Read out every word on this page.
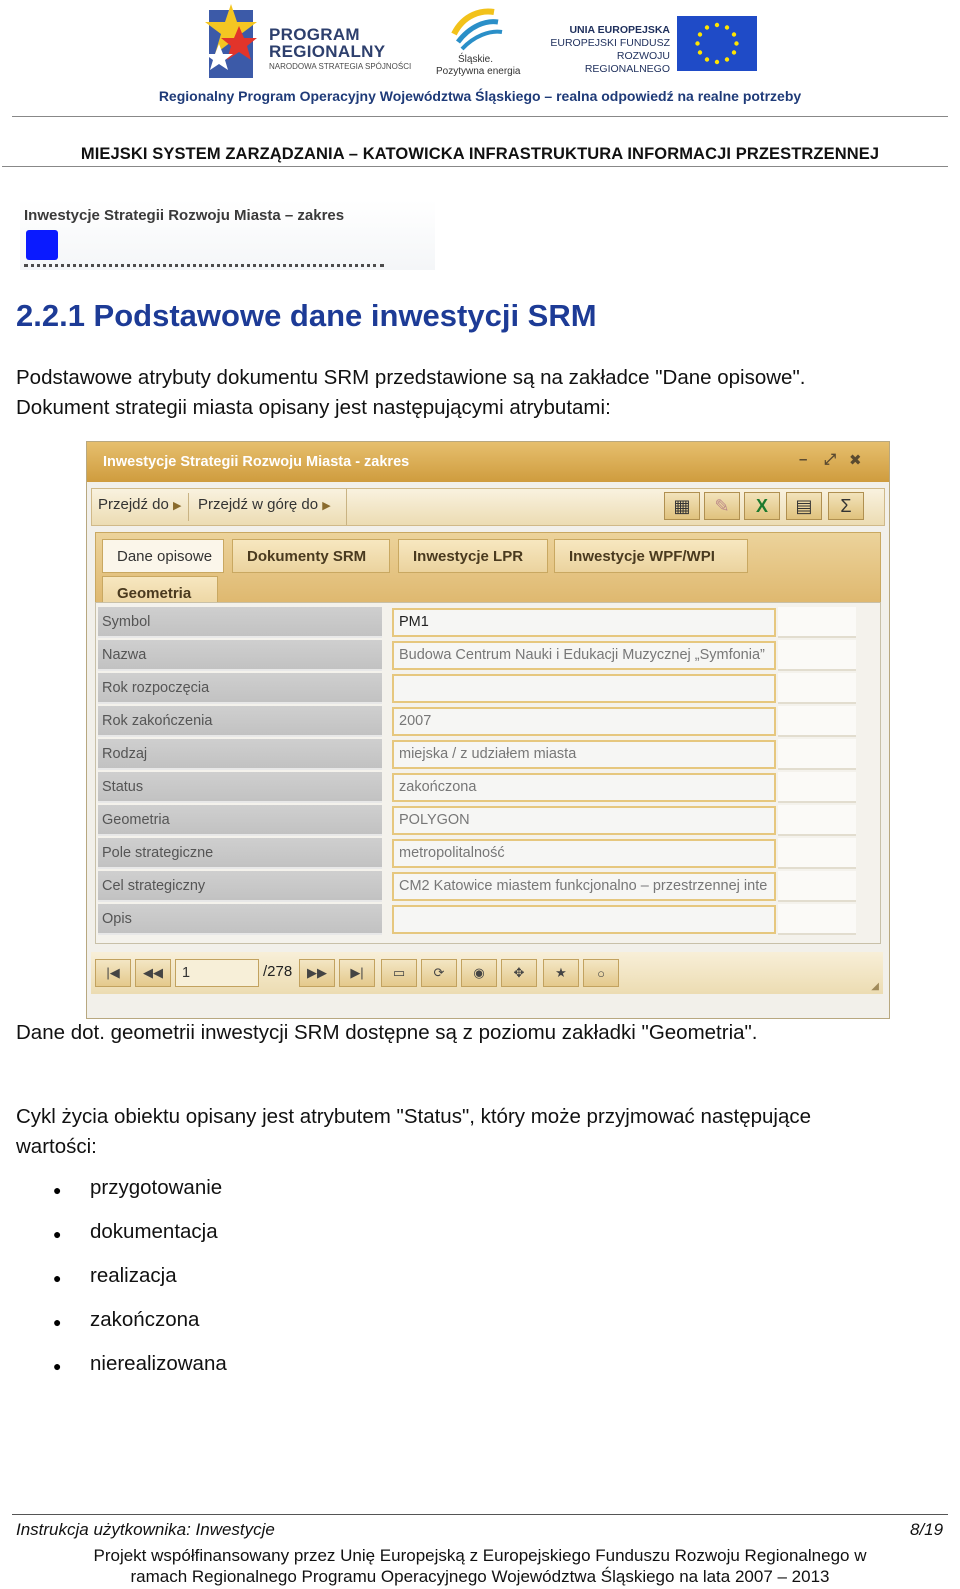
PROGRAM
REGIONALNY
NARODOWA STRATEGIA SPÓJNOŚCI
Śląskie.
Pozytywna energia
UNIA EUROPEJSKA
EUROPEJSKI FUNDUSZ
ROZWOJU REGIONALNEGO
Regionalny Program Operacyjny Województwa Śląskiego – realna odpowiedź na realne potrzeby
MIEJSKI SYSTEM ZARZĄDZANIA – KATOWICKA INFRASTRUKTURA INFORMACJI PRZESTRZENNEJ
Inwestycje Strategii Rozwoju Miasta – zakres
2.2.1 Podstawowe dane inwestycji SRM
Podstawowe atrybuty dokumentu SRM przedstawione są na zakładce "Dane opisowe".
Dokument strategii miasta opisany jest następującymi atrybutami:
Inwestycje Strategii Rozwoju Miasta - zakres	– ⤢ ✖
Przejdź do ▶ Przejdź w górę do ▶	▦	✎	X	▤	Σ
Dane opisowe	Dokumenty SRM	Inwestycje LPR	Inwestycje WPF/WPI
Geometria
Symbol	PM1
Nazwa	Budowa Centrum Nauki i Edukacji Muzycznej „Symfonia”
Rok rozpoczęcia
Rok zakończenia	2007
Rodzaj	miejska / z udziałem miasta
Status	zakończona
Geometria	POLYGON
Pole strategiczne	metropolitalność
Cel strategiczny	CM2 Katowice miastem funkcjonalno – przestrzennej inte
Opis
|◀	◀◀	1	/278	▶▶	▶|	▭	⟳	◉	✥	★	○
◢
Dane dot. geometrii inwestycji SRM dostępne są z poziomu zakładki "Geometria".
Cykl życia obiektu opisany jest atrybutem "Status", który może przyjmować następujące
wartości:
● przygotowanie
● dokumentacja
● realizacja
● zakończona
● nierealizowana
Instrukcja użytkownika: Inwestycje	8/19
Projekt współfinansowany przez Unię Europejską z Europejskiego Funduszu Rozwoju Regionalnego w
ramach Regionalnego Programu Operacyjnego Województwa Śląskiego na lata 2007 – 2013
